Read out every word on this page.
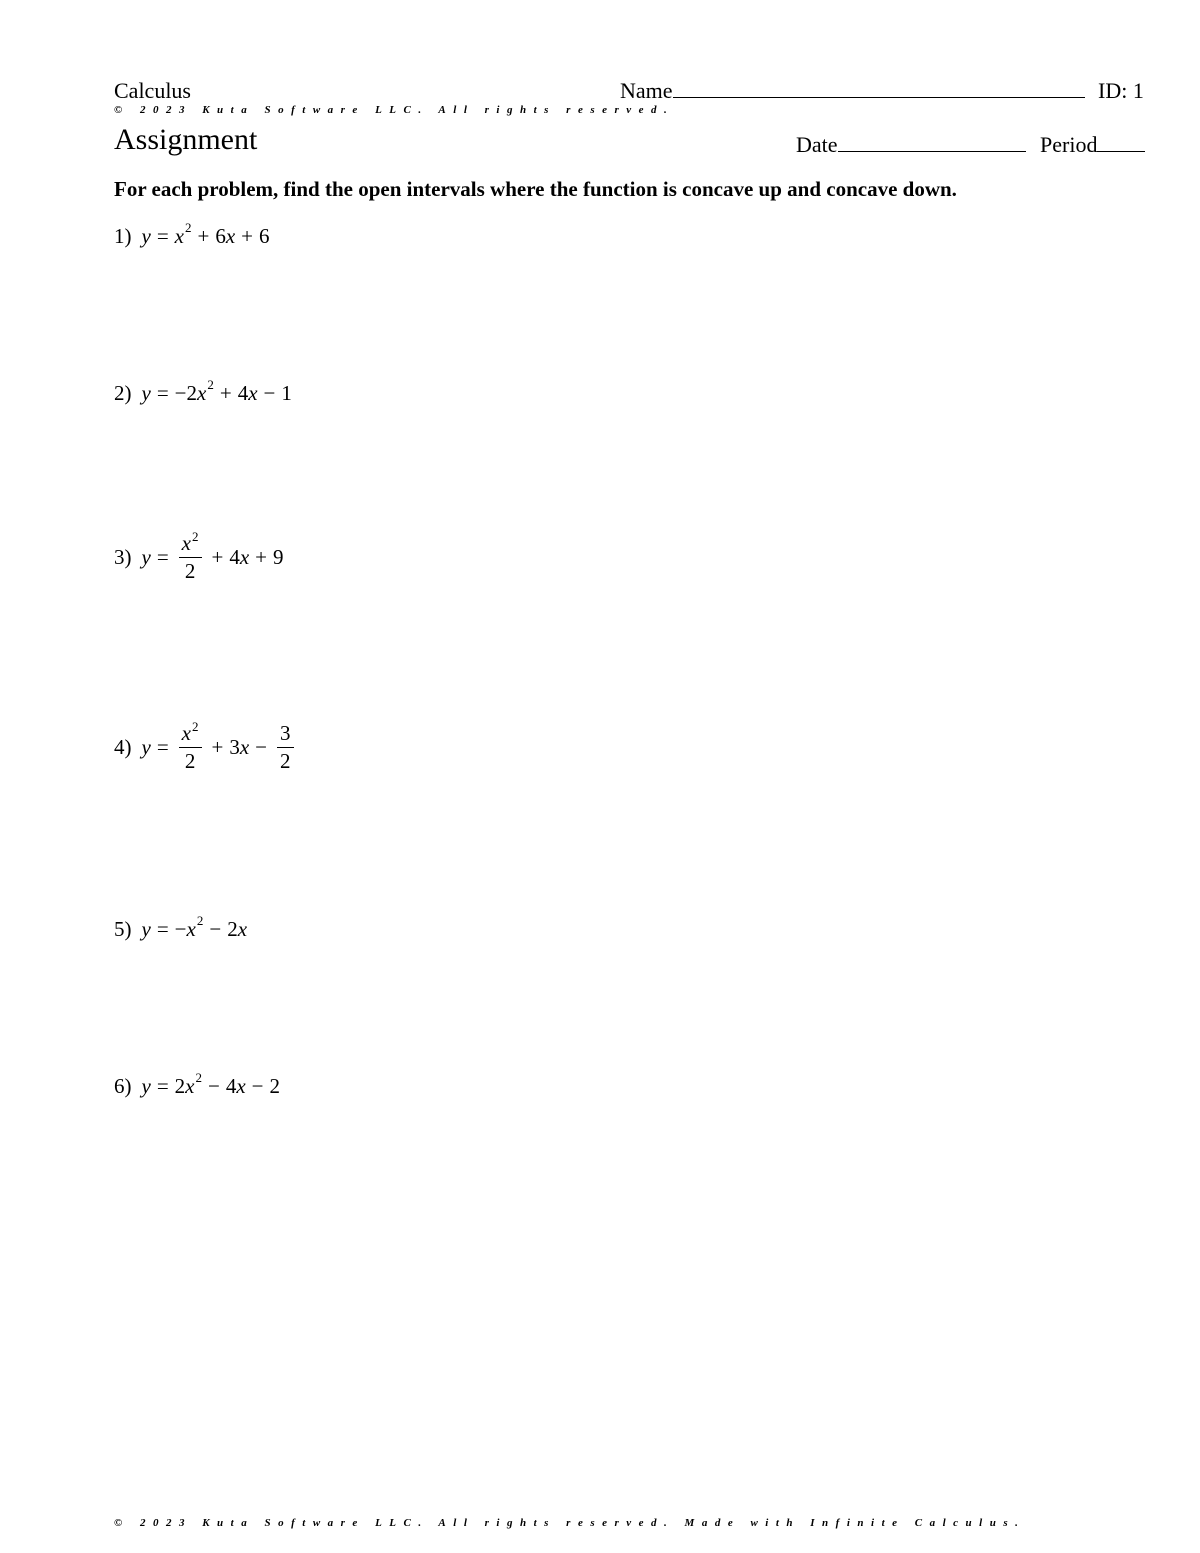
Calculus	Name	ID: 1
© 2023 Kuta Software LLC. All rights reserved.
Assignment	Date	Period
For each problem, find the open intervals where the function is concave up and concave down.
1) y = x 2 + 6 x + 6
2) y = −2 x 2 + 4 x − 1
3) $y = \frac{x^2}{2} + 4$ x + 9
4) $y = \frac{x^2}{2} + 3$ $x - \frac{3}{2}$
5) y = − x 2 − 2 x
6) y = 2 x 2 − 4 x − 2
© 2023 Kuta Software LLC. All rights reserved. Made with Infinite Calculus.
